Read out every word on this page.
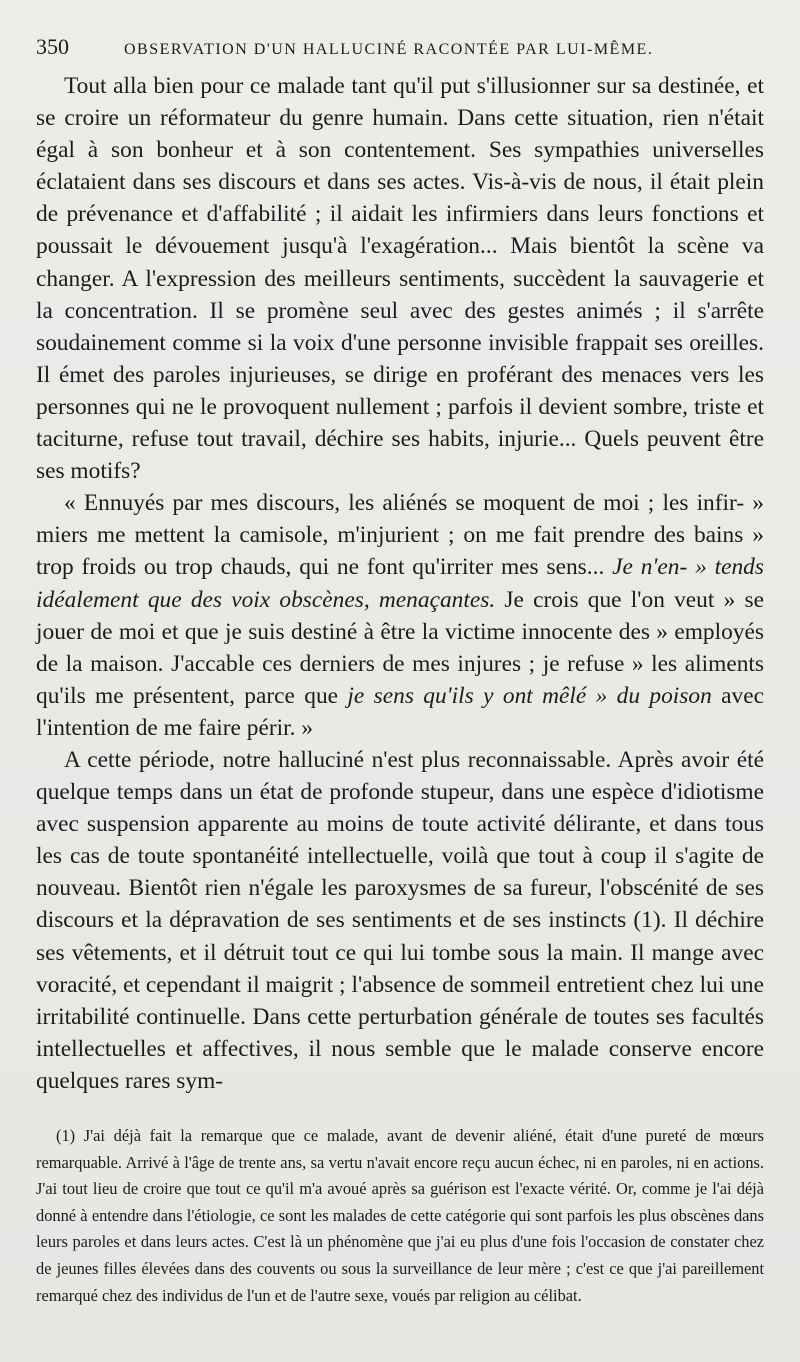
350	OBSERVATION D'UN HALLUCINÉ RACONTÉE PAR LUI-MÊME.

Tout alla bien pour ce malade tant qu'il put s'illusionner sur sa destinée, et se croire un réformateur du genre humain. Dans cette situation, rien n'était égal à son bonheur et à son contentement. Ses sympathies universelles éclataient dans ses discours et dans ses actes. Vis-à-vis de nous, il était plein de prévenance et d'affabilité ; il aidait les infirmiers dans leurs fonctions et poussait le dévouement jusqu'à l'exagération... Mais bientôt la scène va changer. A l'expression des meilleurs sentiments, succèdent la sauvagerie et la concentration. Il se promène seul avec des gestes animés ; il s'arrête soudainement comme si la voix d'une personne invisible frappait ses oreilles. Il émet des paroles injurieuses, se dirige en proférant des menaces vers les personnes qui ne le provoquent nullement ; parfois il devient sombre, triste et taciturne, refuse tout travail, déchire ses habits, injurie... Quels peuvent être ses motifs?

« Ennuyés par mes discours, les aliénés se moquent de moi ; les infir- » miers me mettent la camisole, m'injurient ; on me fait prendre des bains » trop froids ou trop chauds, qui ne font qu'irriter mes sens... Je n'en- » tends idéalement que des voix obscènes, menaçantes. Je crois que l'on veut » se jouer de moi et que je suis destiné à être la victime innocente des » employés de la maison. J'accable ces derniers de mes injures ; je refuse » les aliments qu'ils me présentent, parce que je sens qu'ils y ont mêlé » du poison avec l'intention de me faire périr. »

A cette période, notre halluciné n'est plus reconnaissable. Après avoir été quelque temps dans un état de profonde stupeur, dans une espèce d'idiotisme avec suspension apparente au moins de toute activité délirante, et dans tous les cas de toute spontanéité intellectuelle, voilà que tout à coup il s'agite de nouveau. Bientôt rien n'égale les paroxysmes de sa fureur, l'obscénité de ses discours et la dépravation de ses sentiments et de ses instincts (1). Il déchire ses vêtements, et il détruit tout ce qui lui tombe sous la main. Il mange avec voracité, et cependant il maigrit ; l'absence de sommeil entretient chez lui une irritabilité continuelle. Dans cette perturbation générale de toutes ses facultés intellectuelles et affectives, il nous semble que le malade conserve encore quelques rares sym-

(1) J'ai déjà fait la remarque que ce malade, avant de devenir aliéné, était d'une pureté de mœurs remarquable. Arrivé à l'âge de trente ans, sa vertu n'avait encore reçu aucun échec, ni en paroles, ni en actions. J'ai tout lieu de croire que tout ce qu'il m'a avoué après sa guérison est l'exacte vérité. Or, comme je l'ai déjà donné à entendre dans l'étiologie, ce sont les malades de cette catégorie qui sont parfois les plus obscènes dans leurs paroles et dans leurs actes. C'est là un phénomène que j'ai eu plus d'une fois l'occasion de constater chez de jeunes filles élevées dans des couvents ou sous la surveillance de leur mère ; c'est ce que j'ai pareillement remarqué chez des individus de l'un et de l'autre sexe, voués par religion au célibat.
